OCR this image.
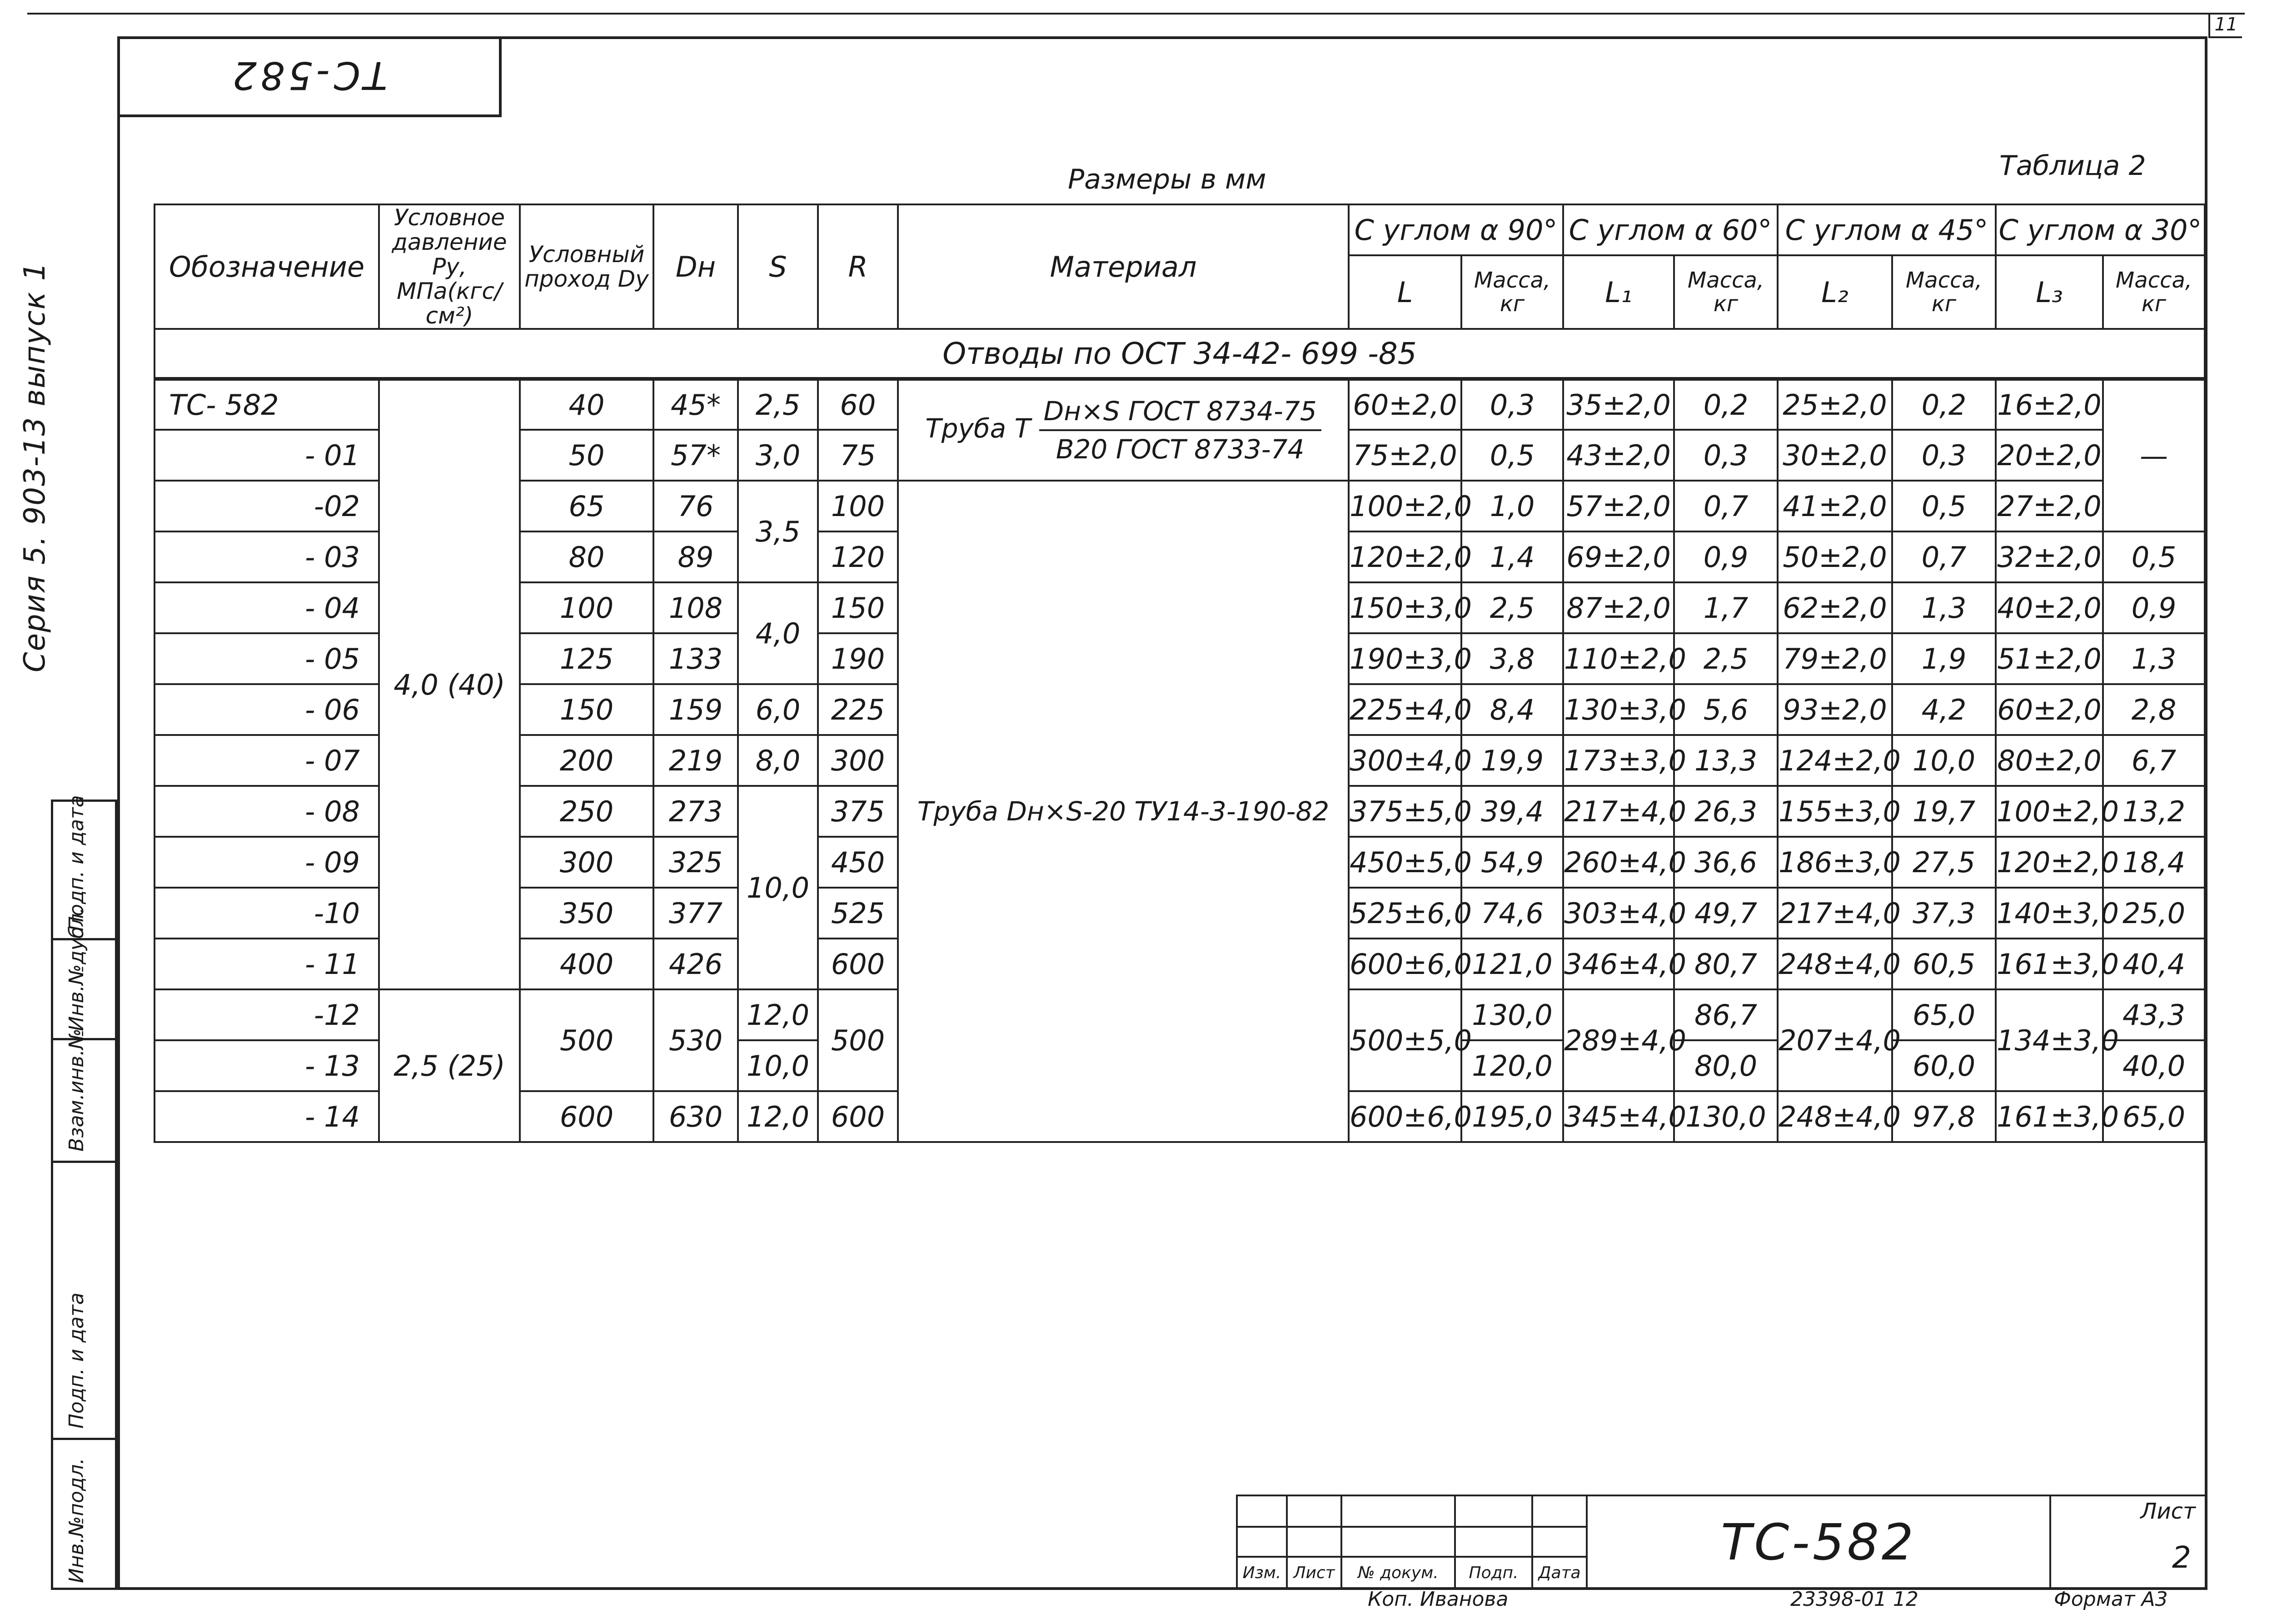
11
ТС-582
Серия 5. 903-13 выпуск 1
Инв.№подл.
Подп. и дата
Взам.инв.№
Инв.№дубл.
Подп. и дата
Размеры в мм	Таблица 2
Обозначение	Условное давление Ру, МПа(кгс/см²)	Условный проход Dy	Dн	S	R	Материал	С углом α 90°		С углом α 60°		С углом α 45°		С углом α 30°	
							L	Масса, кг	L₁	Масса, кг	L₂	Масса, кг	L₃	Масса, кг
Отводы по ОСТ 34-42- 699 -85														
ТС- 582	4,0 (40)	40	45*	2,5	60	Труба Т $\frac{\text{Dн×S ГОСТ 8734-75}}{\text{В20 ГОСТ 8733-74}}$	60±2,0	0,3	35±2,0	0,2	25±2,0	0,2	16±2,0	—
- 01		50	57*	3,0	75		75±2,0	0,5	43±2,0	0,3	30±2,0	0,3	20±2,0	
-02		65	76	3,5	100	Труба Dн×S-20 ТУ14-3-190-82	100±2,0	1,0	57±2,0	0,7	41±2,0	0,5	27±2,0	
- 03		80	89		120		120±2,0	1,4	69±2,0	0,9	50±2,0	0,7	32±2,0	0,5
- 04		100	108	4,0	150		150±3,0	2,5	87±2,0	1,7	62±2,0	1,3	40±2,0	0,9
- 05		125	133		190		190±3,0	3,8	110±2,0	2,5	79±2,0	1,9	51±2,0	1,3
- 06		150	159	6,0	225		225±4,0	8,4	130±3,0	5,6	93±2,0	4,2	60±2,0	2,8
- 07		200	219	8,0	300		300±4,0	19,9	173±3,0	13,3	124±2,0	10,0	80±2,0	6,7
- 08		250	273	10,0	375		375±5,0	39,4	217±4,0	26,3	155±3,0	19,7	100±2,0	13,2
- 09		300	325		450		450±5,0	54,9	260±4,0	36,6	186±3,0	27,5	120±2,0	18,4
-10		350	377		525		525±6,0	74,6	303±4,0	49,7	217±4,0	37,3	140±3,0	25,0
- 11		400	426		600		600±6,0	121,0	346±4,0	80,7	248±4,0	60,5	161±3,0	40,4
-12	2,5 (25)	500	530	12,0	500		500±5,0	130,0	289±4,0	86,7	207±4,0	65,0	134±3,0	43,3
- 13				10,0				120,0		80,0		60,0		40,0
- 14		600	630	12,0	600		600±6,0	195,0	345±4,0	130,0	248±4,0	97,8	161±3,0	65,0
					ТС-582	Лист
						2
Изм.	Лист	№ докум.	Подп.	Дата		
Коп. Иванова	23398-01 12	Формат А3
